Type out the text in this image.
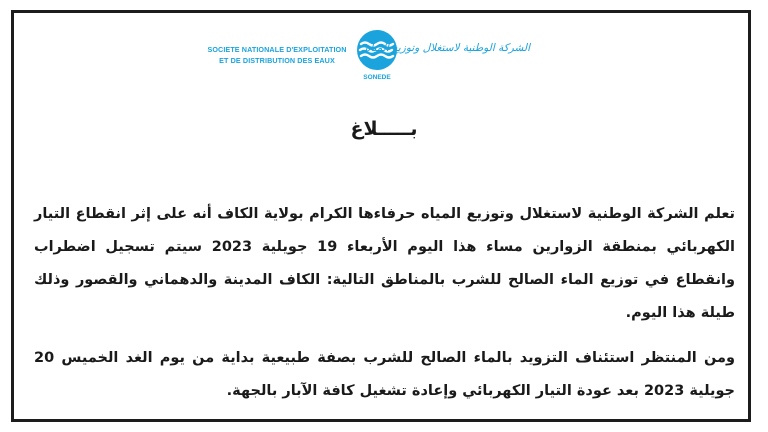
SOCIETE NATIONALE D'EXPLOITATION
ET DE DISTRIBUTION DES EAUX
SONEDE
الشركة الوطنية لاستغلال وتوزيع المياه
بـــــلاغ

تعلم الشركة الوطنية لاستغلال وتوزيع المياه حرفاءها الكرام بولاية الكاف أنه على إثر انقطاع التيار الكهربائي بمنطقة الزوارين مساء هذا اليوم الأربعاء 19 جويلية 2023 سيتم تسجيل اضطراب وانقطاع في توزيع الماء الصالح للشرب بالمناطق التالية: الكاف المدينة والدهماني والقصور وذلك طيلة هذا اليوم.

ومن المنتظر استئناف التزويد بالماء الصالح للشرب بصفة طبيعية بداية من يوم الغد الخميس 20 جويلية 2023 بعد عودة التيار الكهربائي وإعادة تشغيل كافة الآبار بالجهة.
